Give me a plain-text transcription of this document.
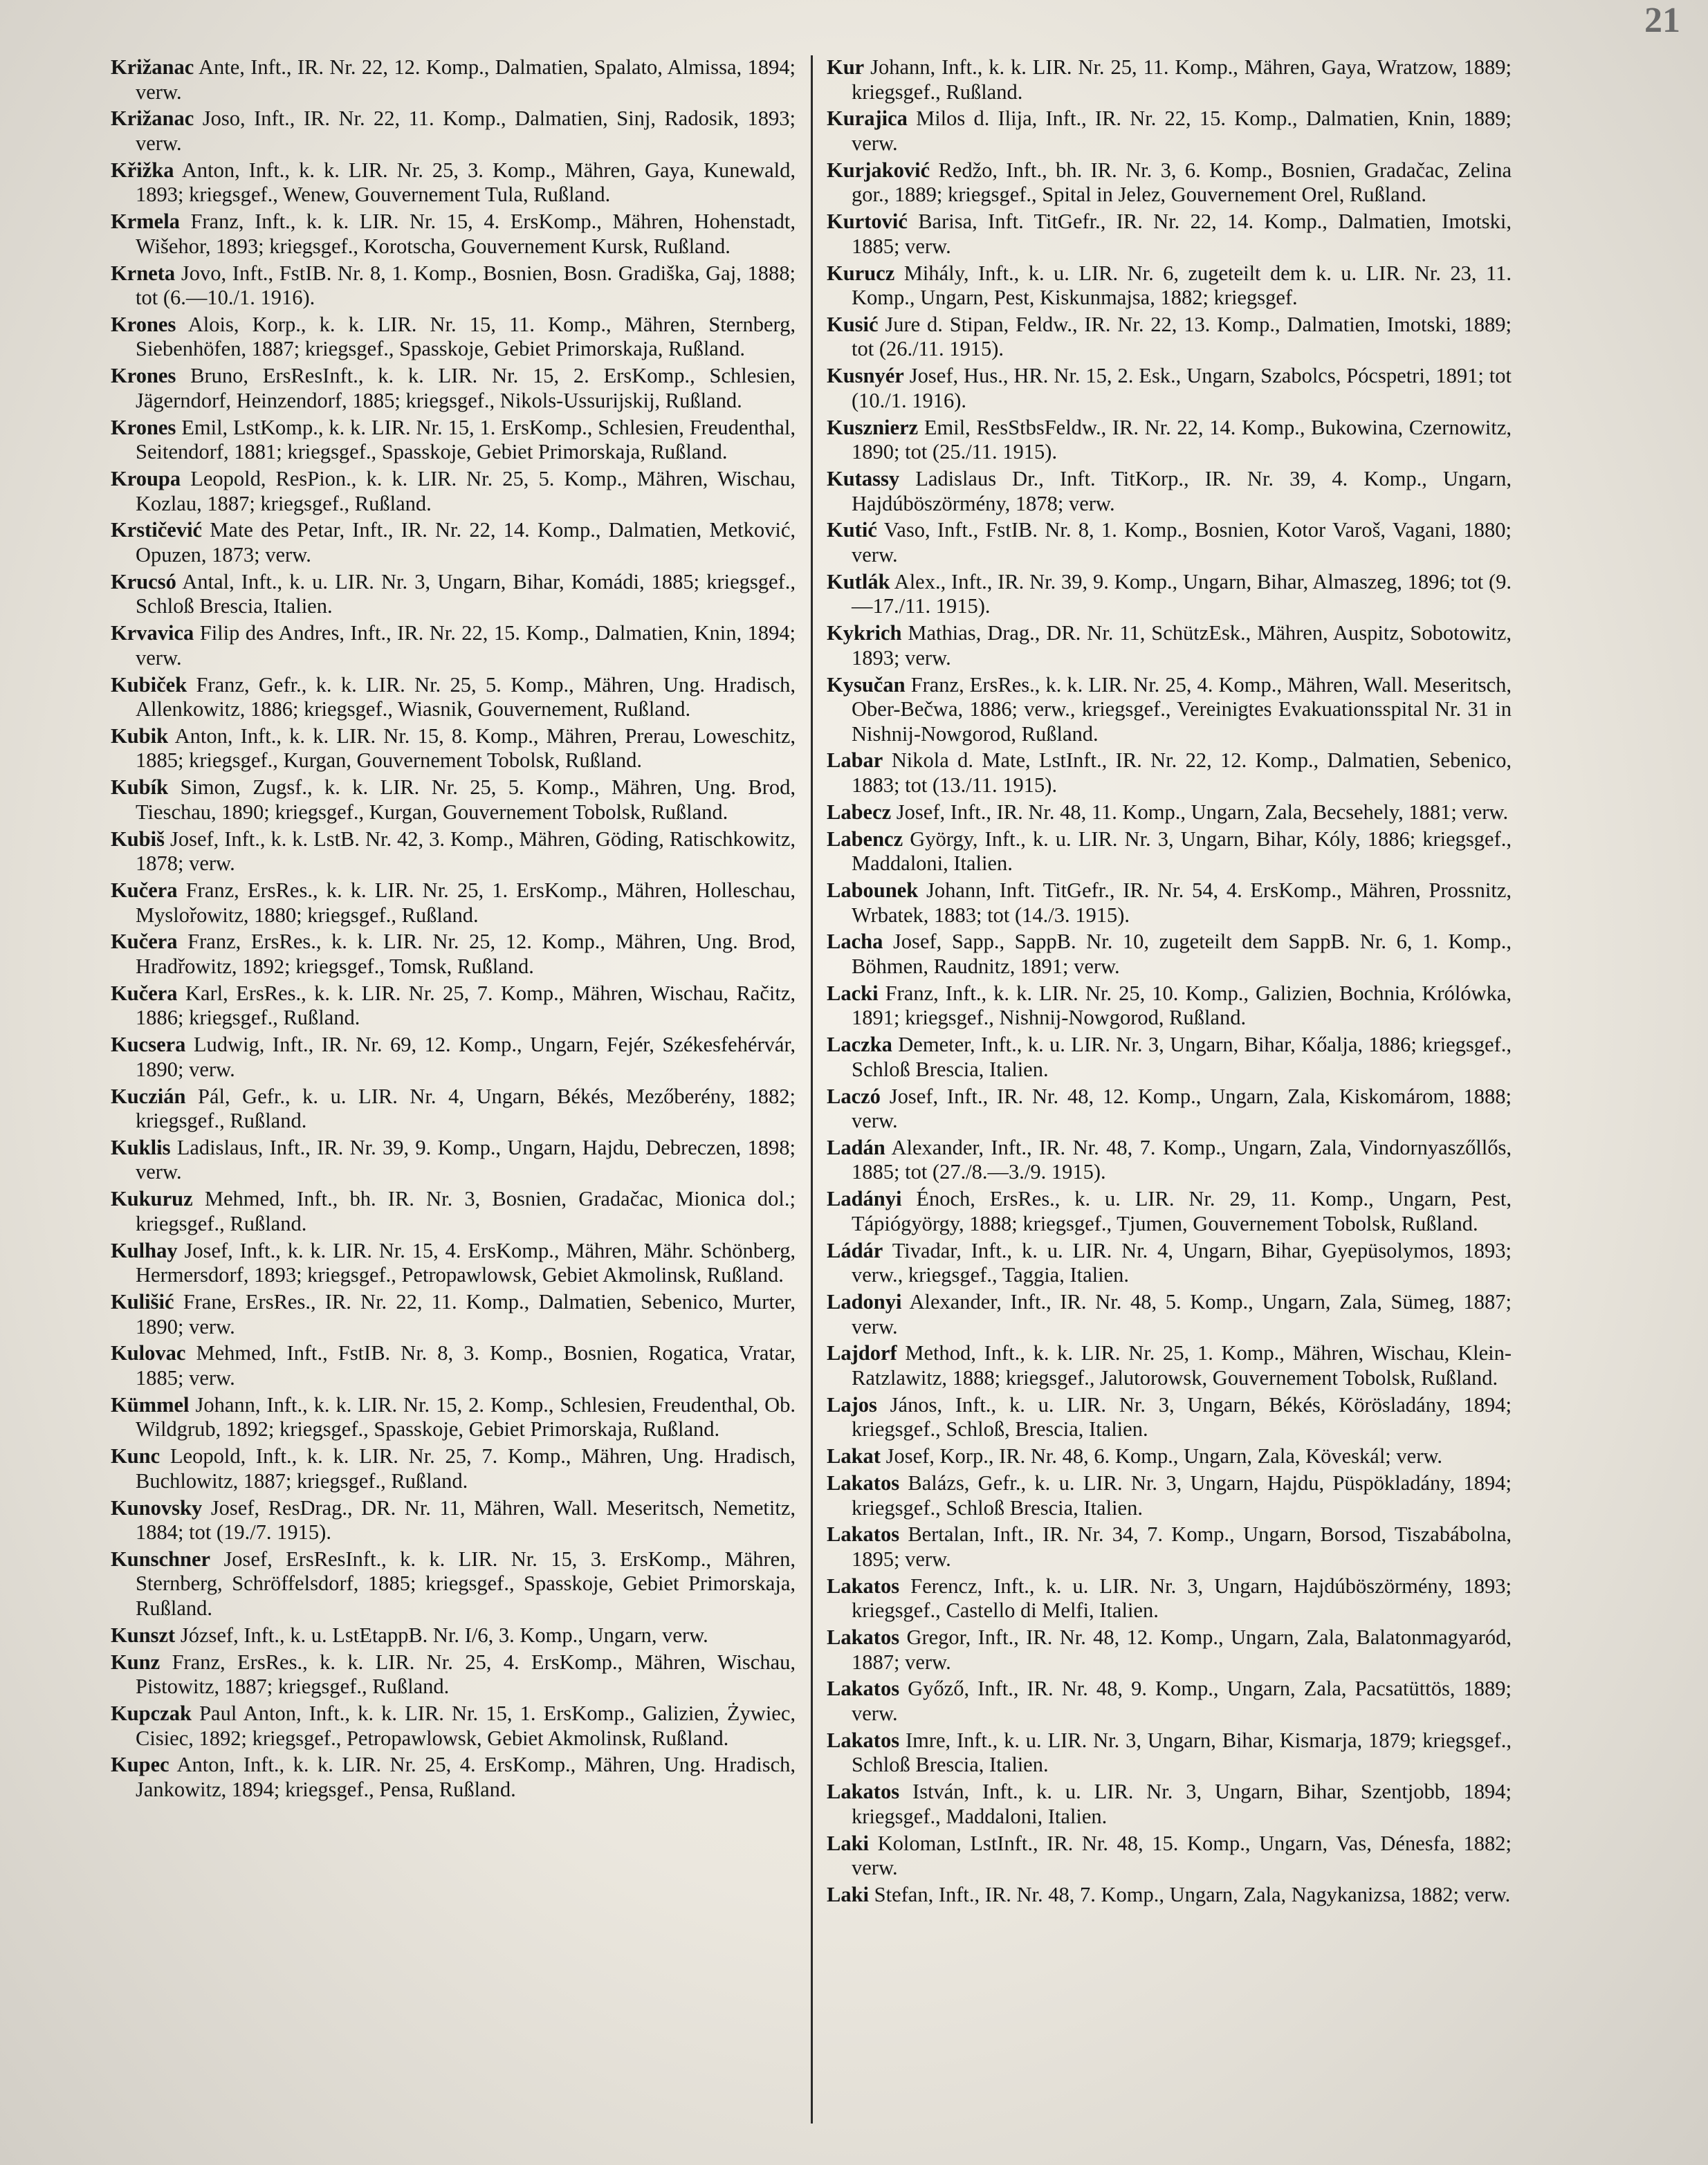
21

Križanac Ante, Inft., IR. Nr. 22, 12. Komp., Dalmatien, Spalato, Almissa, 1894; verw.

Križanac Joso, Inft., IR. Nr. 22, 11. Komp., Dalmatien, Sinj, Radosik, 1893; verw.

Křižka Anton, Inft., k. k. LIR. Nr. 25, 3. Komp., Mähren, Gaya, Kunewald, 1893; kriegsgef., Wenew, Gouvernement Tula, Rußland.

Krmela Franz, Inft., k. k. LIR. Nr. 15, 4. ErsKomp., Mähren, Hohenstadt, Wišehor, 1893; kriegsgef., Korotscha, Gouvernement Kursk, Rußland.

Krneta Jovo, Inft., FstIB. Nr. 8, 1. Komp., Bosnien, Bosn. Gradiška, Gaj, 1888; tot (6.—10./1. 1916).

Krones Alois, Korp., k. k. LIR. Nr. 15, 11. Komp., Mähren, Sternberg, Siebenhöfen, 1887; kriegsgef., Spasskoje, Gebiet Primorskaja, Rußland.

Krones Bruno, ErsResInft., k. k. LIR. Nr. 15, 2. ErsKomp., Schlesien, Jägerndorf, Heinzendorf, 1885; kriegsgef., Nikols-Ussurijskij, Rußland.

Krones Emil, LstKomp., k. k. LIR. Nr. 15, 1. ErsKomp., Schlesien, Freudenthal, Seitendorf, 1881; kriegsgef., Spasskoje, Gebiet Primorskaja, Rußland.

Kroupa Leopold, ResPion., k. k. LIR. Nr. 25, 5. Komp., Mähren, Wischau, Kozlau, 1887; kriegsgef., Rußland.

Krstičević Mate des Petar, Inft., IR. Nr. 22, 14. Komp., Dalmatien, Metković, Opuzen, 1873; verw.

Krucsó Antal, Inft., k. u. LIR. Nr. 3, Ungarn, Bihar, Komádi, 1885; kriegsgef., Schloß Brescia, Italien.

Krvavica Filip des Andres, Inft., IR. Nr. 22, 15. Komp., Dalmatien, Knin, 1894; verw.

Kubiček Franz, Gefr., k. k. LIR. Nr. 25, 5. Komp., Mähren, Ung. Hradisch, Allenkowitz, 1886; kriegsgef., Wiasnik, Gouvernement, Rußland.

Kubik Anton, Inft., k. k. LIR. Nr. 15, 8. Komp., Mähren, Prerau, Loweschitz, 1885; kriegsgef., Kurgan, Gouvernement Tobolsk, Rußland.

Kubík Simon, Zugsf., k. k. LIR. Nr. 25, 5. Komp., Mähren, Ung. Brod, Tieschau, 1890; kriegsgef., Kurgan, Gouvernement Tobolsk, Rußland.

Kubiš Josef, Inft., k. k. LstB. Nr. 42, 3. Komp., Mähren, Göding, Ratischkowitz, 1878; verw.

Kučera Franz, ErsRes., k. k. LIR. Nr. 25, 1. ErsKomp., Mähren, Holleschau, Myslořowitz, 1880; kriegsgef., Rußland.

Kučera Franz, ErsRes., k. k. LIR. Nr. 25, 12. Komp., Mähren, Ung. Brod, Hradřowitz, 1892; kriegsgef., Tomsk, Rußland.

Kučera Karl, ErsRes., k. k. LIR. Nr. 25, 7. Komp., Mähren, Wischau, Račitz, 1886; kriegsgef., Rußland.

Kucsera Ludwig, Inft., IR. Nr. 69, 12. Komp., Ungarn, Fejér, Székesfehérvár, 1890; verw.

Kuczián Pál, Gefr., k. u. LIR. Nr. 4, Ungarn, Békés, Mezőberény, 1882; kriegsgef., Rußland.

Kuklis Ladislaus, Inft., IR. Nr. 39, 9. Komp., Ungarn, Hajdu, Debreczen, 1898; verw.

Kukuruz Mehmed, Inft., bh. IR. Nr. 3, Bosnien, Gradačac, Mionica dol.; kriegsgef., Rußland.

Kulhay Josef, Inft., k. k. LIR. Nr. 15, 4. ErsKomp., Mähren, Mähr. Schönberg, Hermersdorf, 1893; kriegsgef., Petropawlowsk, Gebiet Akmolinsk, Rußland.

Kulišić Frane, ErsRes., IR. Nr. 22, 11. Komp., Dalmatien, Sebenico, Murter, 1890; verw.

Kulovac Mehmed, Inft., FstIB. Nr. 8, 3. Komp., Bosnien, Rogatica, Vratar, 1885; verw.

Kümmel Johann, Inft., k. k. LIR. Nr. 15, 2. Komp., Schlesien, Freudenthal, Ob. Wildgrub, 1892; kriegsgef., Spasskoje, Gebiet Primorskaja, Rußland.

Kunc Leopold, Inft., k. k. LIR. Nr. 25, 7. Komp., Mähren, Ung. Hradisch, Buchlowitz, 1887; kriegsgef., Rußland.

Kunovsky Josef, ResDrag., DR. Nr. 11, Mähren, Wall. Meseritsch, Nemetitz, 1884; tot (19./7. 1915).

Kunschner Josef, ErsResInft., k. k. LIR. Nr. 15, 3. ErsKomp., Mähren, Sternberg, Schröffelsdorf, 1885; kriegsgef., Spasskoje, Gebiet Primorskaja, Rußland.

Kunszt József, Inft., k. u. LstEtappB. Nr. I/6, 3. Komp., Ungarn, verw.

Kunz Franz, ErsRes., k. k. LIR. Nr. 25, 4. ErsKomp., Mähren, Wischau, Pistowitz, 1887; kriegsgef., Rußland.

Kupczak Paul Anton, Inft., k. k. LIR. Nr. 15, 1. ErsKomp., Galizien, Żywiec, Cisiec, 1892; kriegsgef., Petropawlowsk, Gebiet Akmolinsk, Rußland.

Kupec Anton, Inft., k. k. LIR. Nr. 25, 4. ErsKomp., Mähren, Ung. Hradisch, Jankowitz, 1894; kriegsgef., Pensa, Rußland.

Kur Johann, Inft., k. k. LIR. Nr. 25, 11. Komp., Mähren, Gaya, Wratzow, 1889; kriegsgef., Rußland.

Kurajica Milos d. Ilija, Inft., IR. Nr. 22, 15. Komp., Dalmatien, Knin, 1889; verw.

Kurjaković Redžo, Inft., bh. IR. Nr. 3, 6. Komp., Bosnien, Gradačac, Zelina gor., 1889; kriegsgef., Spital in Jelez, Gouvernement Orel, Rußland.

Kurtović Barisa, Inft. TitGefr., IR. Nr. 22, 14. Komp., Dalmatien, Imotski, 1885; verw.

Kurucz Mihály, Inft., k. u. LIR. Nr. 6, zugeteilt dem k. u. LIR. Nr. 23, 11. Komp., Ungarn, Pest, Kiskunmajsa, 1882; kriegsgef.

Kusić Jure d. Stipan, Feldw., IR. Nr. 22, 13. Komp., Dalmatien, Imotski, 1889; tot (26./11. 1915).

Kusnyér Josef, Hus., HR. Nr. 15, 2. Esk., Ungarn, Szabolcs, Pócspetri, 1891; tot (10./1. 1916).

Kusznierz Emil, ResStbsFeldw., IR. Nr. 22, 14. Komp., Bukowina, Czernowitz, 1890; tot (25./11. 1915).

Kutassy Ladislaus Dr., Inft. TitKorp., IR. Nr. 39, 4. Komp., Ungarn, Hajdúböszörmény, 1878; verw.

Kutić Vaso, Inft., FstIB. Nr. 8, 1. Komp., Bosnien, Kotor Varoš, Vagani, 1880; verw.

Kutlák Alex., Inft., IR. Nr. 39, 9. Komp., Ungarn, Bihar, Almaszeg, 1896; tot (9.—17./11. 1915).

Kykrich Mathias, Drag., DR. Nr. 11, SchützEsk., Mähren, Auspitz, Sobotowitz, 1893; verw.

Kysučan Franz, ErsRes., k. k. LIR. Nr. 25, 4. Komp., Mähren, Wall. Meseritsch, Ober-Bečwa, 1886; verw., kriegsgef., Vereinigtes Evakuationsspital Nr. 31 in Nishnij-Nowgorod, Rußland.

Labar Nikola d. Mate, LstInft., IR. Nr. 22, 12. Komp., Dalmatien, Sebenico, 1883; tot (13./11. 1915).

Labecz Josef, Inft., IR. Nr. 48, 11. Komp., Ungarn, Zala, Becsehely, 1881; verw.

Labencz György, Inft., k. u. LIR. Nr. 3, Ungarn, Bihar, Kóly, 1886; kriegsgef., Maddaloni, Italien.

Labounek Johann, Inft. TitGefr., IR. Nr. 54, 4. ErsKomp., Mähren, Prossnitz, Wrbatek, 1883; tot (14./3. 1915).

Lacha Josef, Sapp., SappB. Nr. 10, zugeteilt dem SappB. Nr. 6, 1. Komp., Böhmen, Raudnitz, 1891; verw.

Lacki Franz, Inft., k. k. LIR. Nr. 25, 10. Komp., Galizien, Bochnia, Królówka, 1891; kriegsgef., Nishnij-Nowgorod, Rußland.

Laczka Demeter, Inft., k. u. LIR. Nr. 3, Ungarn, Bihar, Kőalja, 1886; kriegsgef., Schloß Brescia, Italien.

Laczó Josef, Inft., IR. Nr. 48, 12. Komp., Ungarn, Zala, Kiskomárom, 1888; verw.

Ladán Alexander, Inft., IR. Nr. 48, 7. Komp., Ungarn, Zala, Vindornyaszőllős, 1885; tot (27./8.—3./9. 1915).

Ladányi Énoch, ErsRes., k. u. LIR. Nr. 29, 11. Komp., Ungarn, Pest, Tápiógyörgy, 1888; kriegsgef., Tjumen, Gouvernement Tobolsk, Rußland.

Ládár Tivadar, Inft., k. u. LIR. Nr. 4, Ungarn, Bihar, Gyepüsolymos, 1893; verw., kriegsgef., Taggia, Italien.

Ladonyi Alexander, Inft., IR. Nr. 48, 5. Komp., Ungarn, Zala, Sümeg, 1887; verw.

Lajdorf Method, Inft., k. k. LIR. Nr. 25, 1. Komp., Mähren, Wischau, Klein-Ratzlawitz, 1888; kriegsgef., Jalutorowsk, Gouvernement Tobolsk, Rußland.

Lajos János, Inft., k. u. LIR. Nr. 3, Ungarn, Békés, Körösladány, 1894; kriegsgef., Schloß, Brescia, Italien.

Lakat Josef, Korp., IR. Nr. 48, 6. Komp., Ungarn, Zala, Köveskál; verw.

Lakatos Balázs, Gefr., k. u. LIR. Nr. 3, Ungarn, Hajdu, Püspökladány, 1894; kriegsgef., Schloß Brescia, Italien.

Lakatos Bertalan, Inft., IR. Nr. 34, 7. Komp., Ungarn, Borsod, Tiszabábolna, 1895; verw.

Lakatos Ferencz, Inft., k. u. LIR. Nr. 3, Ungarn, Hajdúböszörmény, 1893; kriegsgef., Castello di Melfi, Italien.

Lakatos Gregor, Inft., IR. Nr. 48, 12. Komp., Ungarn, Zala, Balatonmagyaród, 1887; verw.

Lakatos Győző, Inft., IR. Nr. 48, 9. Komp., Ungarn, Zala, Pacsatüttös, 1889; verw.

Lakatos Imre, Inft., k. u. LIR. Nr. 3, Ungarn, Bihar, Kismarja, 1879; kriegsgef., Schloß Brescia, Italien.

Lakatos István, Inft., k. u. LIR. Nr. 3, Ungarn, Bihar, Szentjobb, 1894; kriegsgef., Maddaloni, Italien.

Laki Koloman, LstInft., IR. Nr. 48, 15. Komp., Ungarn, Vas, Dénesfa, 1882; verw.

Laki Stefan, Inft., IR. Nr. 48, 7. Komp., Ungarn, Zala, Nagykanizsa, 1882; verw.
